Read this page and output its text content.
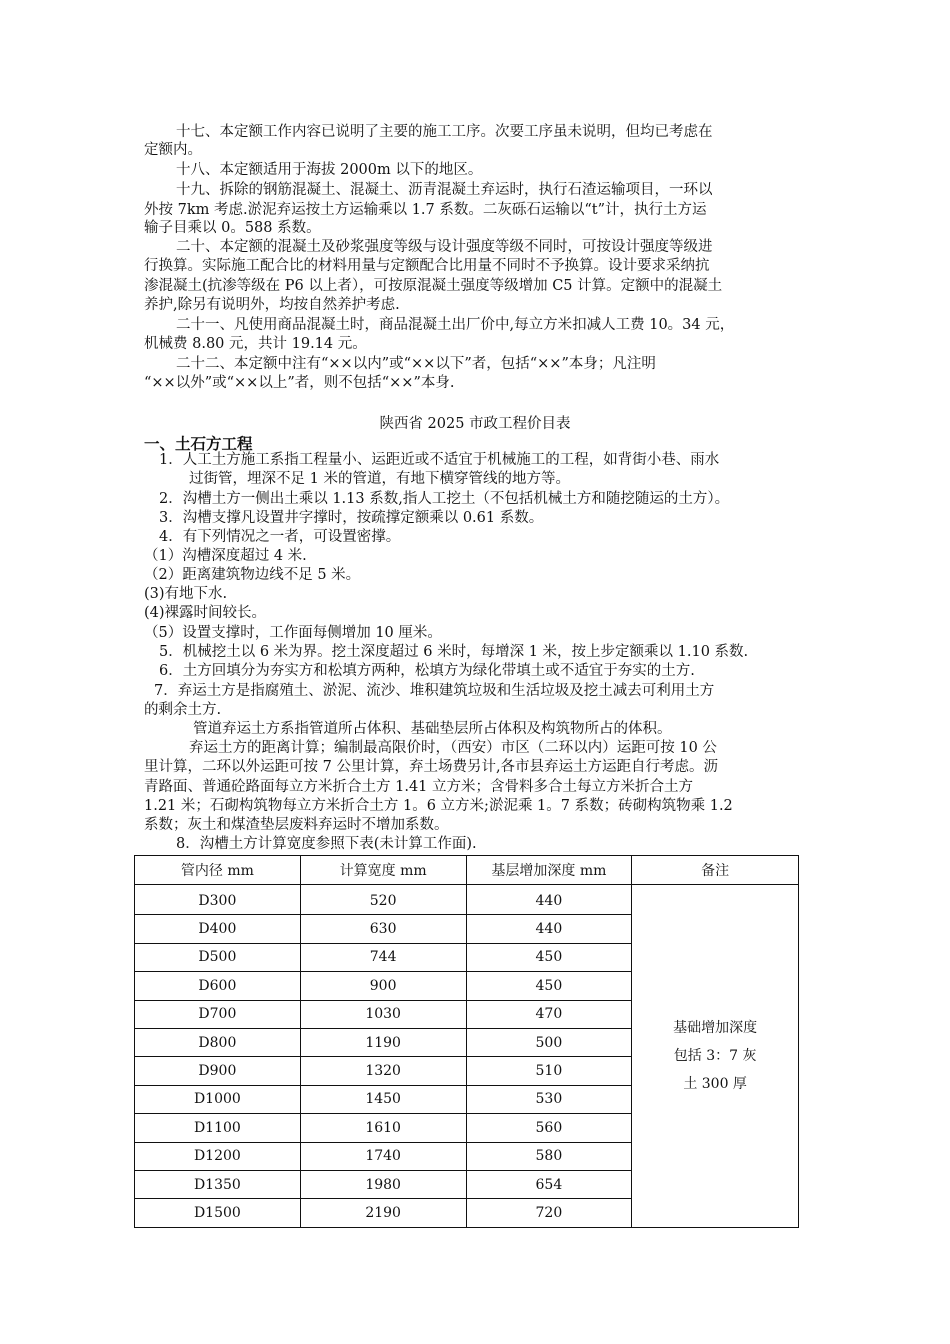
十七、本定额工作内容已说明了主要的施工工序。次要工序虽未说明，但均已考虑在
定额内。
十八、本定额适用于海拔 2000m 以下的地区。
十九、拆除的钢筋混凝土、混凝土、沥青混凝土弃运时，执行石渣运输项目，一环以
外按 7km 考虑.淤泥弃运按土方运输乘以 1.7 系数。二灰砾石运输以“t”计，执行土方运
输子目乘以 0。588 系数。
二十、本定额的混凝土及砂浆强度等级与设计强度等级不同时，可按设计强度等级进
行换算。实际施工配合比的材料用量与定额配合比用量不同时不予换算。设计要求采纳抗
渗混凝土(抗渗等级在 P6 以上者），可按原混凝土强度等级增加 C5 计算。定额中的混凝土
养护,除另有说明外，均按自然养护考虑.
二十一、凡使用商品混凝土时，商品混凝土出厂价中,每立方米扣减人工费 10。34 元，
机械费 8.80 元，共计 19.14 元。
二十二、本定额中注有“××以内”或“××以下”者，包括“××”本身；凡注明
“××以外”或“××以上”者，则不包括“××”本身.
陕西省 2025 市政工程价目表
一、土石方工程
1．人工土方施工系指工程量小、运距近或不适宜于机械施工的工程，如背街小巷、雨水
过街管，埋深不足 1 米的管道，有地下横穿管线的地方等。
2．沟槽土方一侧出土乘以 1.13 系数,指人工挖土（不包括机械土方和随挖随运的土方）。
3．沟槽支撑凡设置井字撑时，按疏撑定额乘以 0.61 系数。
4．有下列情况之一者，可设置密撑。
（1）沟槽深度超过 4 米.
（2）距离建筑物边线不足 5 米。
(3)有地下水.
(4)裸露时间较长。
（5）设置支撑时，工作面每侧增加 10 厘米。
5．机械挖土以 6 米为界。挖土深度超过 6 米时，每增深 1 米，按上步定额乘以 1.10 系数.
6．土方回填分为夯实方和松填方两种，松填方为绿化带填土或不适宜于夯实的土方.
7．弃运土方是指腐殖土、淤泥、流沙、堆积建筑垃圾和生活垃圾及挖土减去可利用土方
的剩余土方.
管道弃运土方系指管道所占体积、基础垫层所占体积及构筑物所占的体积。
弃运土方的距离计算；编制最高限价时，（西安）市区（二环以内）运距可按 10 公
里计算，二环以外运距可按 7 公里计算，弃土场费另计,各市县弃运土方运距自行考虑。沥
青路面、普通砼路面每立方米折合土方 1.41 立方米；含骨料多合土每立方米折合土方
1.21 米；石砌构筑物每立方米折合土方 1。6 立方米;淤泥乘 1。7 系数；砖砌构筑物乘 1.2
系数；灰土和煤渣垫层废料弃运时不增加系数。
8．沟槽土方计算宽度参照下表(未计算工作面).
管内径 mm	计算宽度 mm	基层增加深度 mm	备注
D300	520	440	基础增加深度
包括 3：7 灰
土 300 厚

D400	630	440	
D500	744	450	
D600	900	450	
D700	1030	470	
D800	1190	500	
D900	1320	510	
D1000	1450	530	
D1100	1610	560	
D1200	1740	580	
D1350	1980	654	
D1500	2190	720	
